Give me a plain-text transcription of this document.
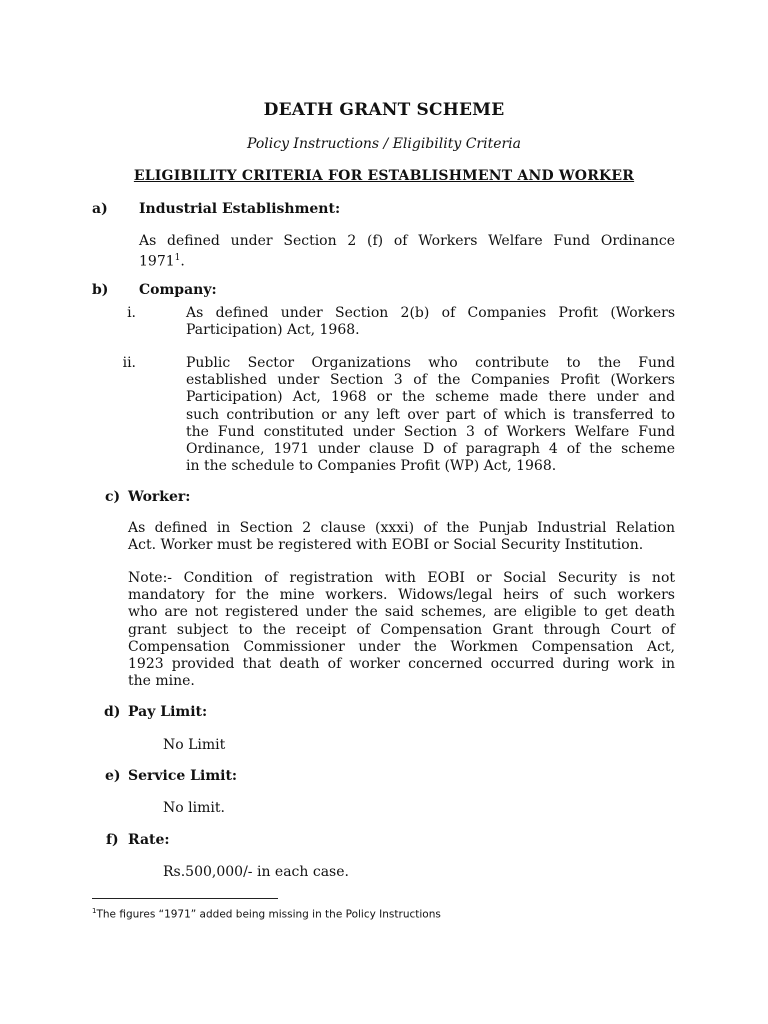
DEATH GRANT SCHEME
Policy Instructions / Eligibility Criteria
ELIGIBILITY CRITERIA FOR ESTABLISHMENT AND WORKER
a) Industrial Establishment:
As defined under Section 2 (f) of Workers Welfare Fund Ordinance
1971$^1$.
b) Company:
i.	As defined under Section 2(b) of Companies Profit (Workers
Participation) Act, 1968.
ii.	Public Sector Organizations who contribute to the Fund
established under Section 3 of the Companies Profit (Workers
Participation) Act, 1968 or the scheme made there under and
such contribution or any left over part of which is transferred to
the Fund constituted under Section 3 of Workers Welfare Fund
Ordinance, 1971 under clause D of paragraph 4 of the scheme
in the schedule to Companies Profit (WP) Act, 1968.
c) Worker:
As defined in Section 2 clause (xxxi) of the Punjab Industrial Relation
Act. Worker must be registered with EOBI or Social Security Institution.
Note:- Condition of registration with EOBI or Social Security is not
mandatory for the mine workers. Widows/legal heirs of such workers
who are not registered under the said schemes, are eligible to get death
grant subject to the receipt of Compensation Grant through Court of
Compensation Commissioner under the Workmen Compensation Act,
1923 provided that death of worker concerned occurred during work in
the mine.
d) Pay Limit:
No Limit
e) Service Limit:
No limit.
f) Rate:
Rs.500,000/- in each case.
$^1$The figures “1971” added being missing in the Policy Instructions
